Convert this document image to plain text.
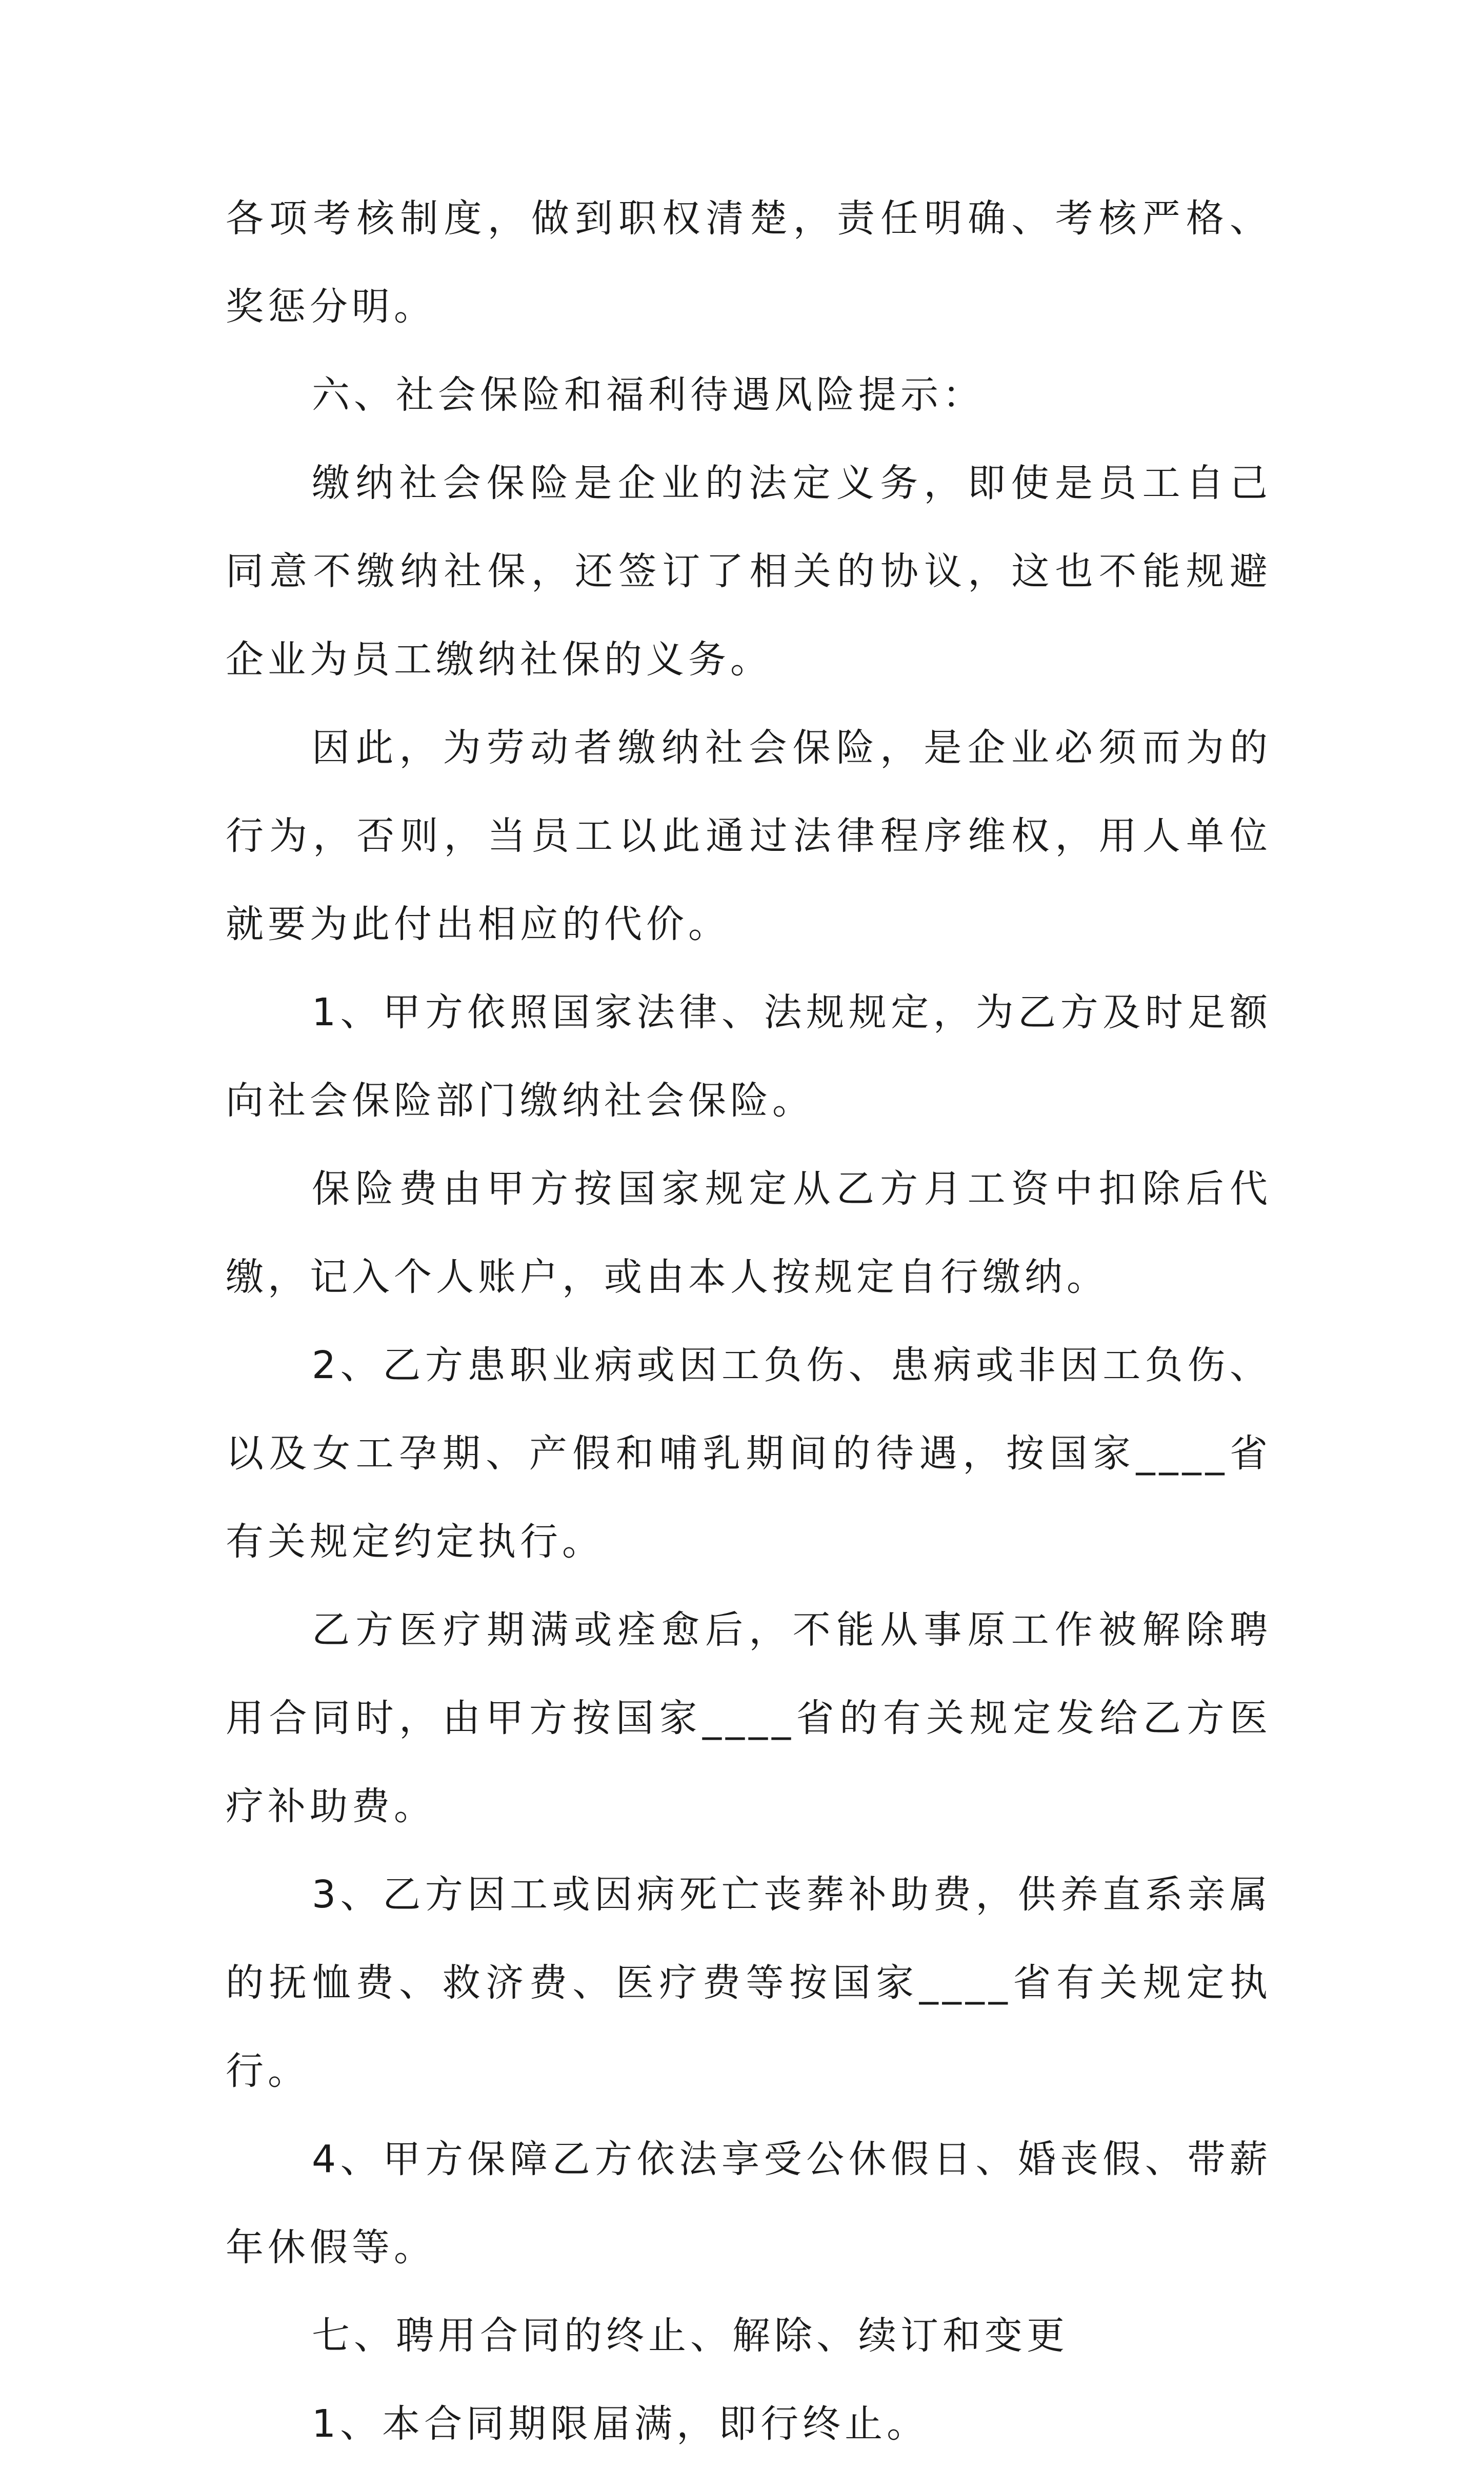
各项考核制度，做到职权清楚，责任明确、考核严格、奖惩分明。

六、社会保险和福利待遇风险提示：

缴纳社会保险是企业的法定义务，即使是员工自己同意不缴纳社保，还签订了相关的协议，这也不能规避企业为员工缴纳社保的义务。

因此，为劳动者缴纳社会保险，是企业必须而为的行为，否则，当员工以此通过法律程序维权，用人单位就要为此付出相应的代价。

1、甲方依照国家法律、法规规定，为乙方及时足额向社会保险部门缴纳社会保险。

保险费由甲方按国家规定从乙方月工资中扣除后代缴，记入个人账户，或由本人按规定自行缴纳。

2、乙方患职业病或因工负伤、患病或非因工负伤、以及女工孕期、产假和哺乳期间的待遇，按国家____省有关规定约定执行。

乙方医疗期满或痊愈后，不能从事原工作被解除聘用合同时，由甲方按国家____省的有关规定发给乙方医疗补助费。

3、乙方因工或因病死亡丧葬补助费，供养直系亲属的抚恤费、救济费、医疗费等按国家____省有关规定执行。

4、甲方保障乙方依法享受公休假日、婚丧假、带薪年休假等。

七、聘用合同的终止、解除、续订和变更

1、本合同期限届满，即行终止。
